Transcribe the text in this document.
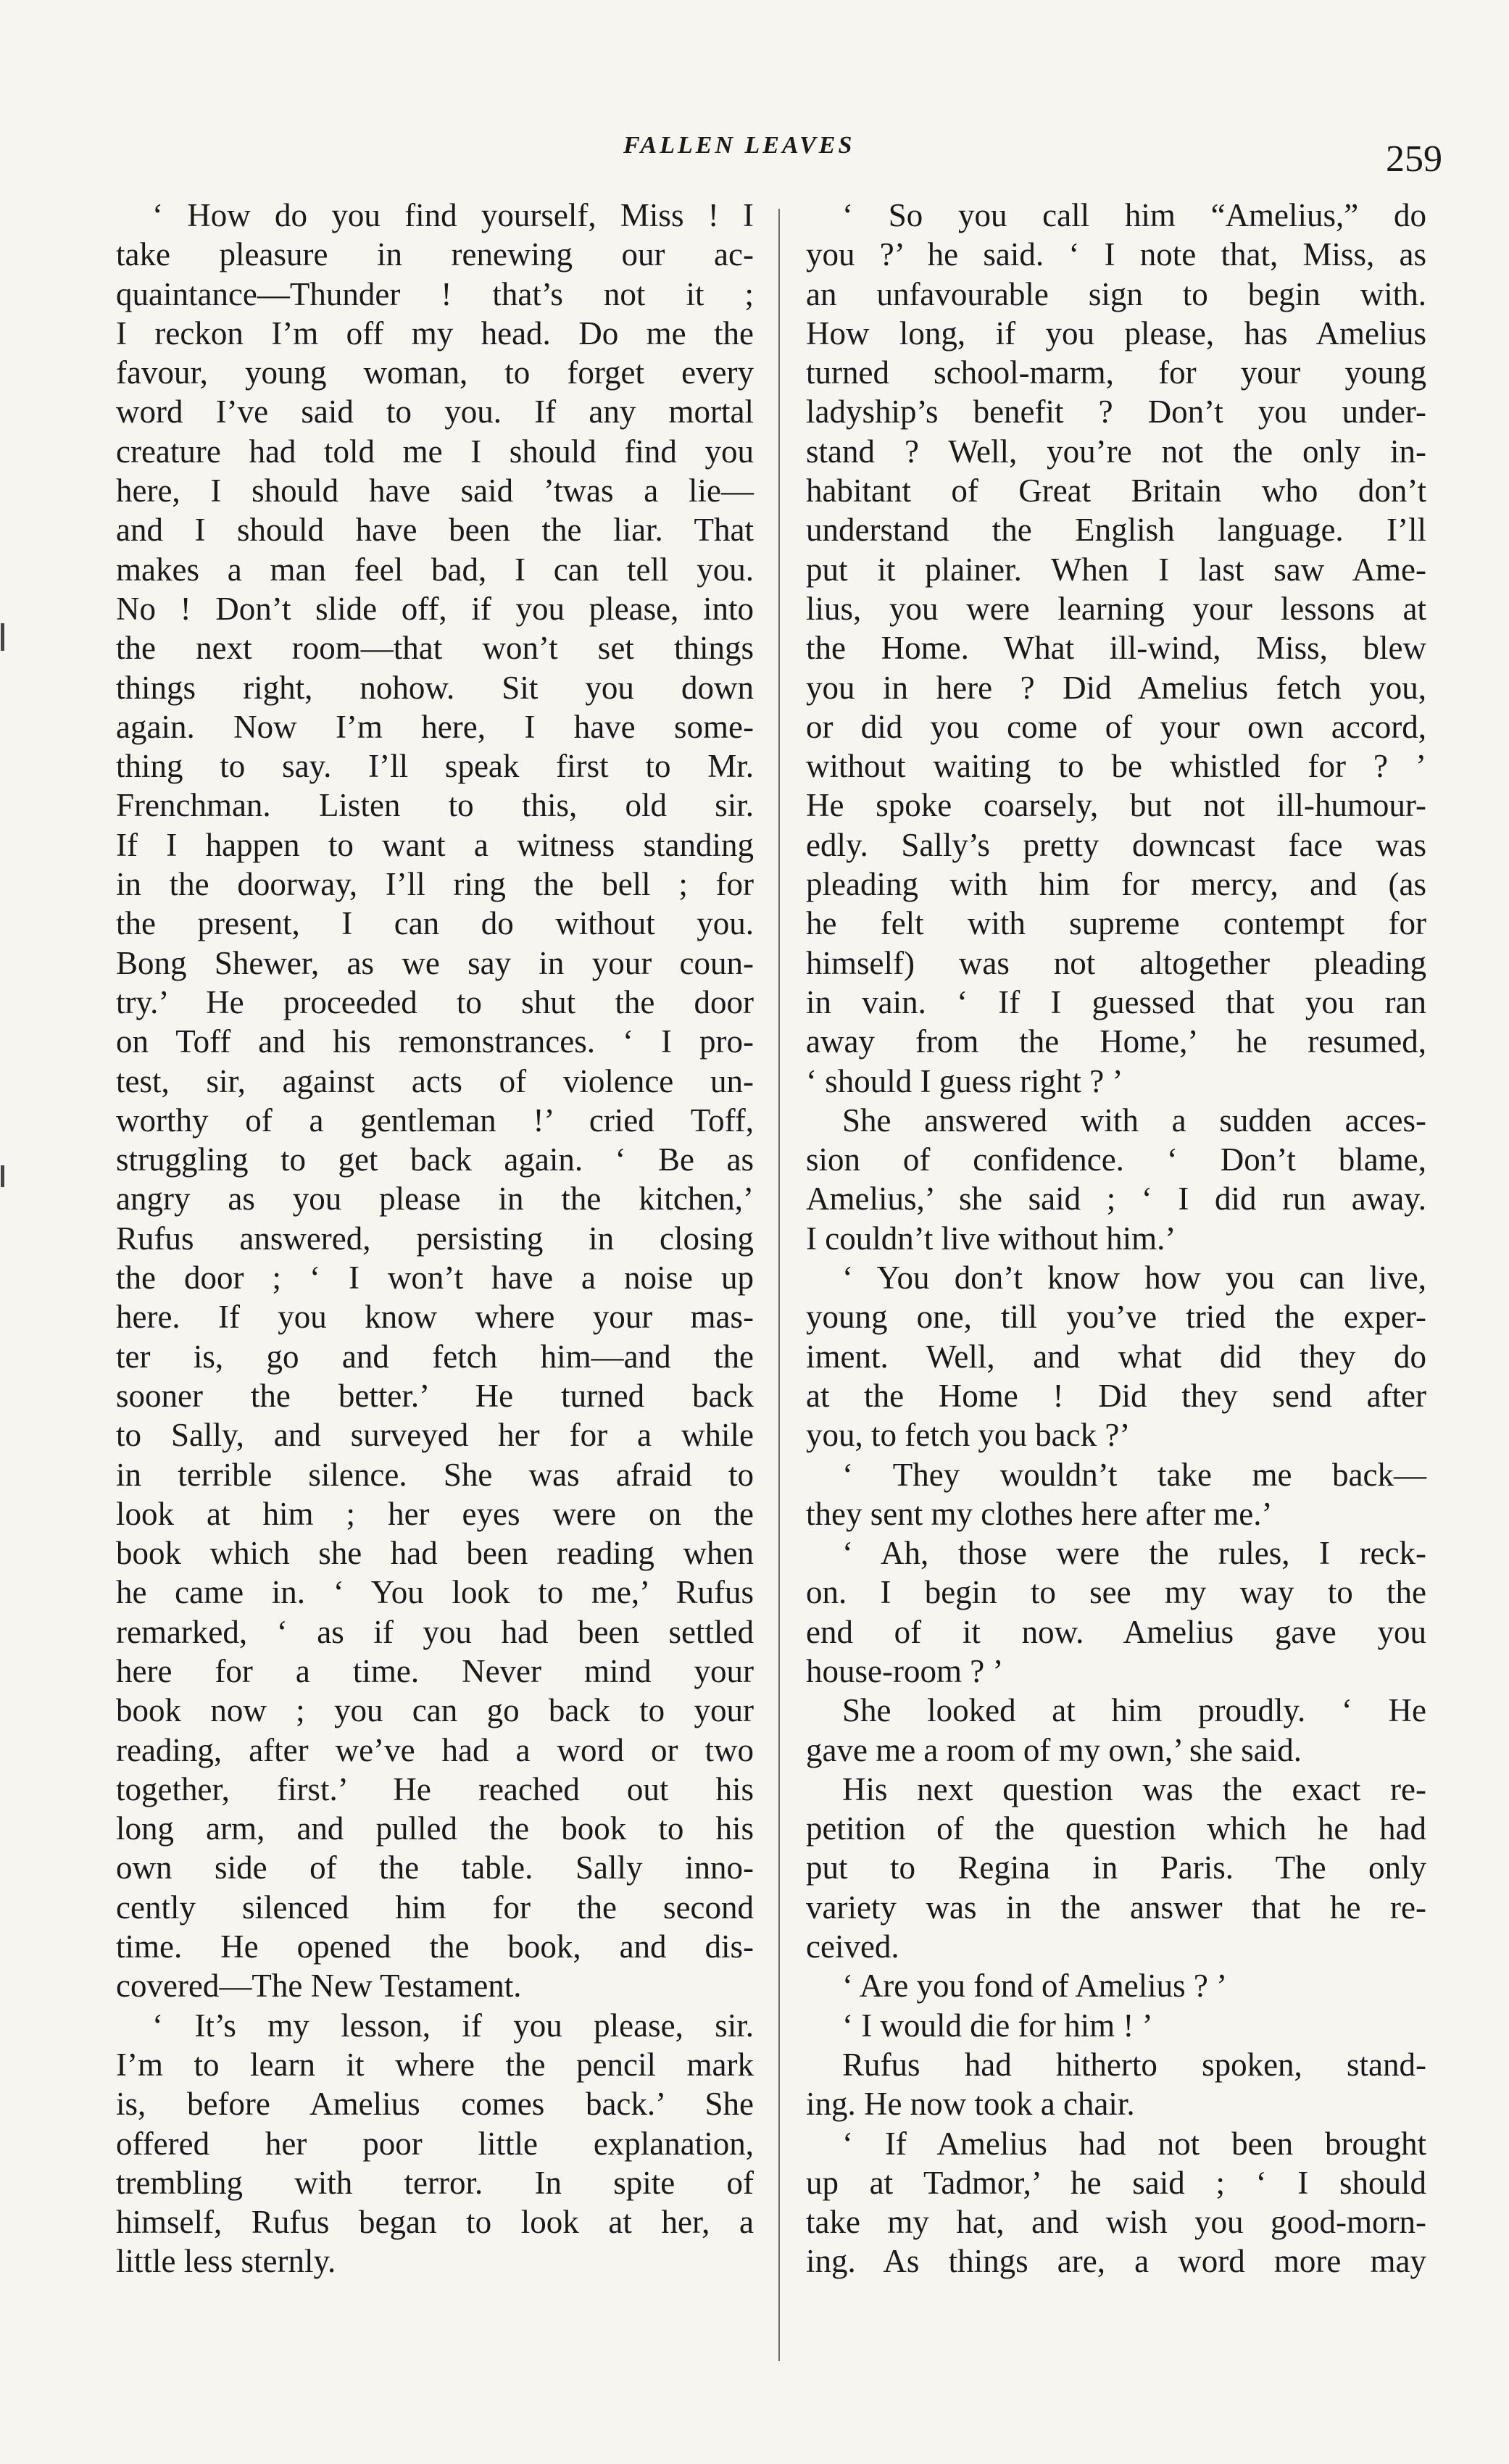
FALLEN LEAVES	259
‘ How do you find yourself, Miss ! I
take pleasure in renewing our ac-
quaintance—Thunder ! that’s not it ;
I reckon I’m off my head. Do me the
favour, young woman, to forget every
word I’ve said to you. If any mortal
creature had told me I should find you
here, I should have said ’twas a lie—
and I should have been the liar. That
makes a man feel bad, I can tell you.
No ! Don’t slide off, if you please, into
the next room—that won’t set things
things right, nohow. Sit you down
again. Now I’m here, I have some-
thing to say. I’ll speak first to Mr.
Frenchman. Listen to this, old sir.
If I happen to want a witness standing
in the doorway, I’ll ring the bell ; for
the present, I can do without you.
Bong Shewer, as we say in your coun-
try.’ He proceeded to shut the door
on Toff and his remonstrances. ‘ I pro-
test, sir, against acts of violence un-
worthy of a gentleman !’ cried Toff,
struggling to get back again. ‘ Be as
angry as you please in the kitchen,’
Rufus answered, persisting in closing
the door ; ‘ I won’t have a noise up
here. If you know where your mas-
ter is, go and fetch him—and the
sooner the better.’ He turned back
to Sally, and surveyed her for a while
in terrible silence. She was afraid to
look at him ; her eyes were on the
book which she had been reading when
he came in. ‘ You look to me,’ Rufus
remarked, ‘ as if you had been settled
here for a time. Never mind your
book now ; you can go back to your
reading, after we’ve had a word or two
together, first.’ He reached out his
long arm, and pulled the book to his
own side of the table. Sally inno-
cently silenced him for the second
time. He opened the book, and dis-
covered—The New Testament.
‘ It’s my lesson, if you please, sir.
I’m to learn it where the pencil mark
is, before Amelius comes back.’ She
offered her poor little explanation,
trembling with terror. In spite of
himself, Rufus began to look at her, a
little less sternly.
‘ So you call him “Amelius,” do
you ?’ he said. ‘ I note that, Miss, as
an unfavourable sign to begin with.
How long, if you please, has Amelius
turned school-marm, for your young
ladyship’s benefit ? Don’t you under-
stand ? Well, you’re not the only in-
habitant of Great Britain who don’t
understand the English language. I’ll
put it plainer. When I last saw Ame-
lius, you were learning your lessons at
the Home. What ill-wind, Miss, blew
you in here ? Did Amelius fetch you,
or did you come of your own accord,
without waiting to be whistled for ? ’
He spoke coarsely, but not ill-humour-
edly. Sally’s pretty downcast face was
pleading with him for mercy, and (as
he felt with supreme contempt for
himself) was not altogether pleading
in vain. ‘ If I guessed that you ran
away from the Home,’ he resumed,
‘ should I guess right ? ’
She answered with a sudden acces-
sion of confidence. ‘ Don’t blame,
Amelius,’ she said ; ‘ I did run away.
I couldn’t live without him.’
‘ You don’t know how you can live,
young one, till you’ve tried the exper-
iment. Well, and what did they do
at the Home ! Did they send after
you, to fetch you back ?’
‘ They wouldn’t take me back—
they sent my clothes here after me.’
‘ Ah, those were the rules, I reck-
on. I begin to see my way to the
end of it now. Amelius gave you
house-room ? ’
She looked at him proudly. ‘ He
gave me a room of my own,’ she said.
His next question was the exact re-
petition of the question which he had
put to Regina in Paris. The only
variety was in the answer that he re-
ceived.
‘ Are you fond of Amelius ? ’
‘ I would die for him ! ’
Rufus had hitherto spoken, stand-
ing. He now took a chair.
‘ If Amelius had not been brought
up at Tadmor,’ he said ; ‘ I should
take my hat, and wish you good-morn-
ing. As things are, a word more may
